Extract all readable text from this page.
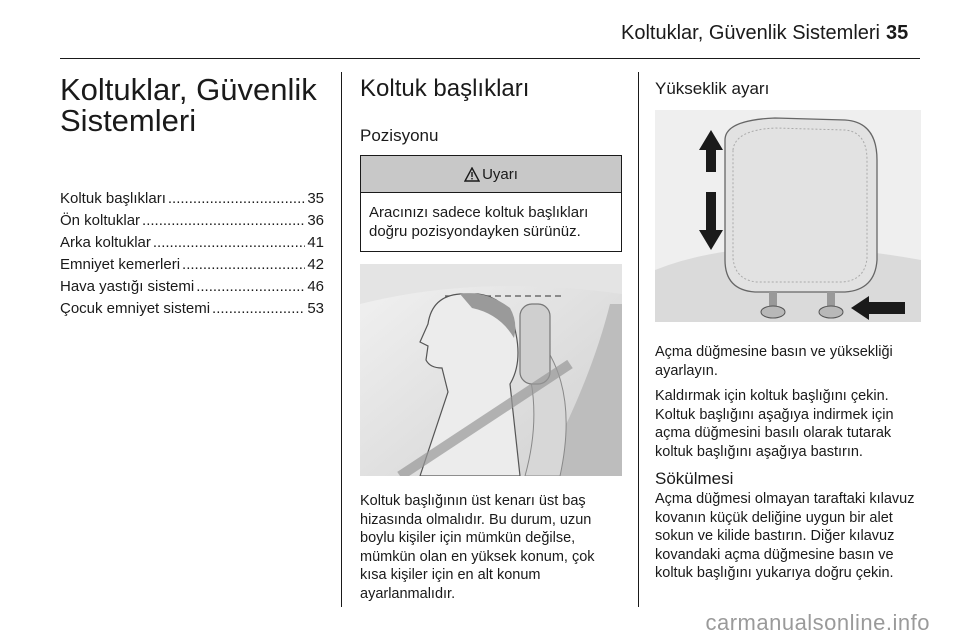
Koltuklar, Güvenlik Sistemleri 35
Koltuklar, Güvenlik
Sistemleri
Koltuk başlıkları .....	35
Ön koltuklar .....	36
Arka koltuklar .....	41
Emniyet kemerleri .....	42
Hava yastığı sistemi .....	46
Çocuk emniyet sistemi .....	53
Koltuk başlıkları
Pozisyonu
Uyarı
Aracınızı sadece koltuk başlıkları doğru pozisyondayken sürünüz.

Koltuk başlığının üst kenarı üst baş hizasında olmalıdır. Bu durum, uzun boylu kişiler için mümkün değilse, mümkün olan en yüksek konum, çok kısa kişiler için en alt konum ayarlanmalıdır.

Yükseklik ayarı

Açma düğmesine basın ve yüksekliği ayarlayın.

Kaldırmak için koltuk başlığını çekin. Koltuk başlığını aşağıya indirmek için açma düğmesini basılı olarak tutarak koltuk başlığını aşağıya bastırın.

Sökülmesi

Açma düğmesi olmayan taraftaki kılavuz kovanın küçük deliğine uygun bir alet sokun ve kilide bastırın. Diğer kılavuz kovandaki açma düğmesine basın ve koltuk başlığını yukarıya doğru çekin.

carmanualsonline.info
